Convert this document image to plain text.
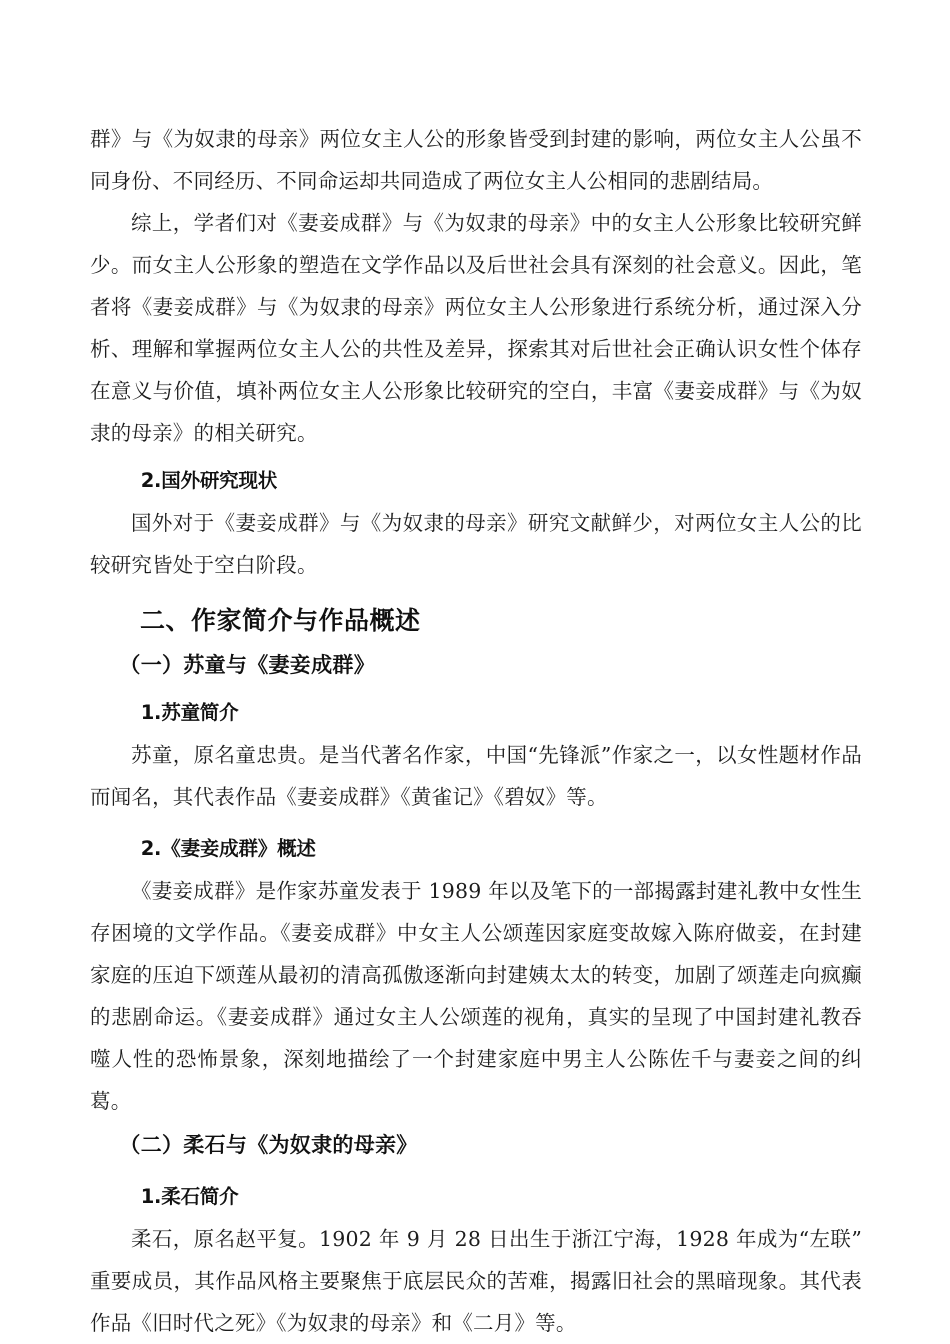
群》与《为奴隶的母亲》两位女主人公的形象皆受到封建的影响，两位女主人公虽不同身份、不同经历、不同命运却共同造成了两位女主人公相同的悲剧结局。

综上，学者们对《妻妾成群》与《为奴隶的母亲》中的女主人公形象比较研究鲜少。而女主人公形象的塑造在文学作品以及后世社会具有深刻的社会意义。因此，笔者将《妻妾成群》与《为奴隶的母亲》两位女主人公形象进行系统分析，通过深入分析、理解和掌握两位女主人公的共性及差异，探索其对后世社会正确认识女性个体存在意义与价值，填补两位女主人公形象比较研究的空白，丰富《妻妾成群》与《为奴隶的母亲》的相关研究。

2.国外研究现状

国外对于《妻妾成群》与《为奴隶的母亲》研究文献鲜少，对两位女主人公的比较研究皆处于空白阶段。

二、作家简介与作品概述
（一）苏童与《妻妾成群》
1.苏童简介

苏童，原名童忠贵。是当代著名作家，中国“先锋派”作家之一，以女性题材作品而闻名，其代表作品《妻妾成群》《黄雀记》《碧奴》等。

2.《妻妾成群》概述

《妻妾成群》是作家苏童发表于 1989 年以及笔下的一部揭露封建礼教中女性生存困境的文学作品。《妻妾成群》中女主人公颂莲因家庭变故嫁入陈府做妾，在封建家庭的压迫下颂莲从最初的清高孤傲逐渐向封建姨太太的转变，加剧了颂莲走向疯癫的悲剧命运。《妻妾成群》通过女主人公颂莲的视角，真实的呈现了中国封建礼教吞噬人性的恐怖景象，深刻地描绘了一个封建家庭中男主人公陈佐千与妻妾之间的纠葛。

（二）柔石与《为奴隶的母亲》
1.柔石简介

柔石，原名赵平复。1902 年 9 月 28 日出生于浙江宁海，1928 年成为“左联”重要成员，其作品风格主要聚焦于底层民众的苦难，揭露旧社会的黑暗现象。其代表作品《旧时代之死》《为奴隶的母亲》和《二月》等。
